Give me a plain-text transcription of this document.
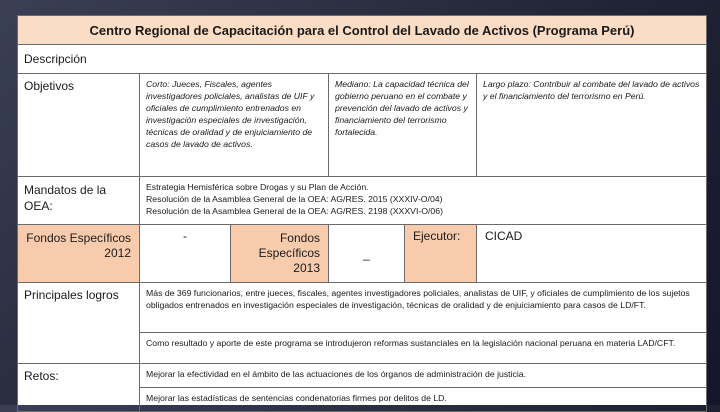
Centro Regional de Capacitación para el Control del Lavado de Activos (Programa Perú)					
Descripción					
Objetivos	Corto: Jueces, Fiscales, agentes investigadores policiales, analistas de UIF y oficiales de cumplimiento entrenados en investigación especiales de investigación, técnicas de oralidad y de enjuiciamiento de casos de lavado de activos.		Mediano: La capacidad técnica del gobierno peruano en el combate y prevención del lavado de activos y financiamiento del terrorismo fortalecida.		Largo plazo: Contribuir al combate del lavado de activos y el financiamiento del terrorismo en Perú.
Mandatos de la OEA:	Estrategia Hemisférica sobre Drogas y su Plan de Acción.
Resolución de la Asamblea General de la OEA: AG/RES. 2015 (XXXIV-O/04)
Resolución de la Asamblea General de la OEA: AG/RES. 2198 (XXXVI-O/06)				

Fondos Específicos 2012	-	Fondos Específicos 2013	_	Ejecutor:	CICAD
Principales logros	Más de 369 funcionarios, entre jueces, fiscales, agentes investigadores policiales, analistas de UIF, y oficiales de cumplimiento de los sujetos obligados entrenados en investigación especiales de investigación, técnicas de oralidad y de enjuiciamiento para casos de LD/FT.				
	Como resultado y aporte de este programa se introdujeron reformas sustanciales en la legislación nacional peruana en materia LAD/CFT.				
Retos:	Mejorar la efectividad en el ámbito de las actuaciones de los órganos de administración de justicia.				
	Mejorar las estadísticas de sentencias condenatorias firmes por delitos de LD.				
